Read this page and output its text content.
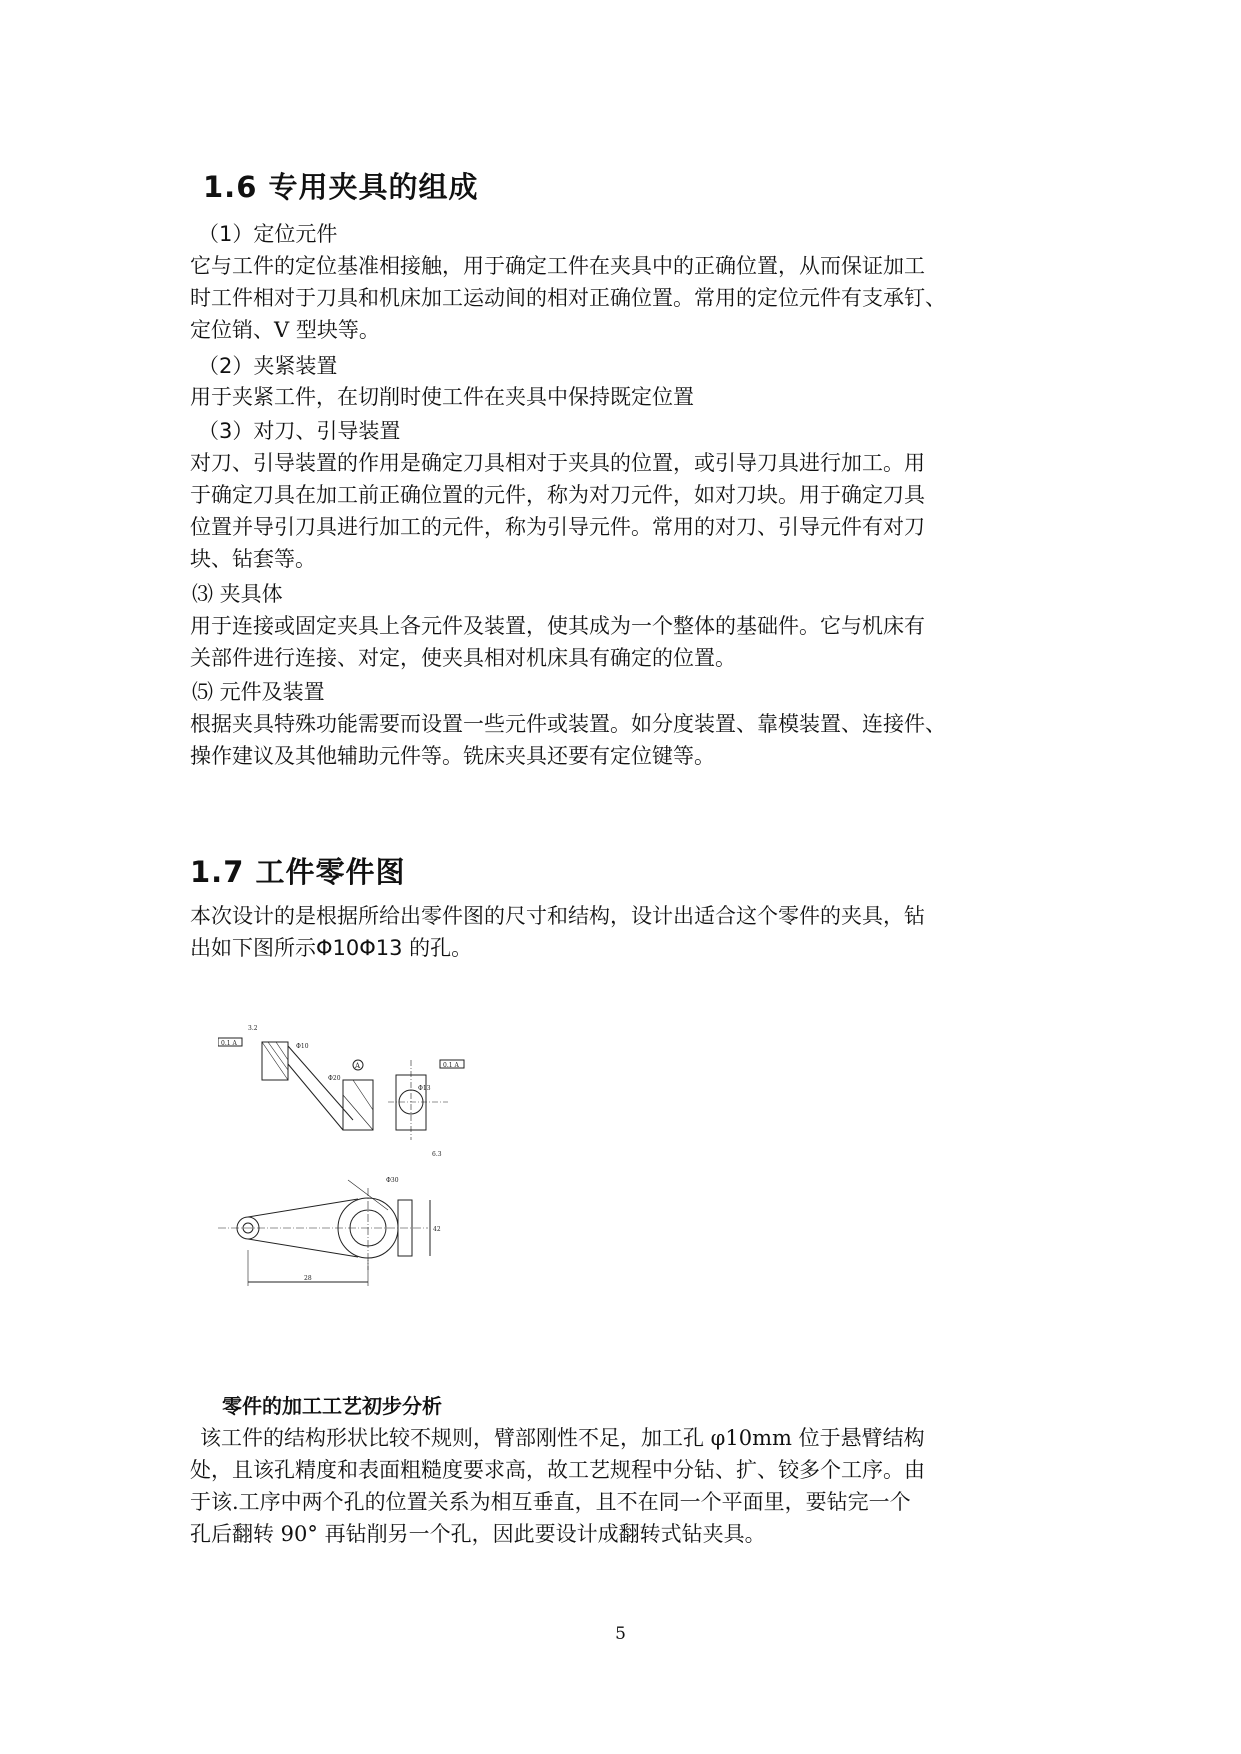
1.6 专用夹具的组成

（1）定位元件

它与工件的定位基准相接触，用于确定工件在夹具中的正确位置，从而保证加工
时工件相对于刀具和机床加工运动间的相对正确位置。常用的定位元件有支承钉、
定位销、V 型块等。

（2）夹紧装置

用于夹紧工件，在切削时使工件在夹具中保持既定位置

（3）对刀、引导装置

对刀、引导装置的作用是确定刀具相对于夹具的位置，或引导刀具进行加工。用
于确定刀具在加工前正确位置的元件，称为对刀元件，如对刀块。用于确定刀具
位置并导引刀具进行加工的元件，称为引导元件。常用的对刀、引导元件有对刀
块、钻套等。

⑶ 夹具体

用于连接或固定夹具上各元件及装置，使其成为一个整体的基础件。它与机床有
关部件进行连接、对定，使夹具相对机床具有确定的位置。

⑸ 元件及装置

根据夹具特殊功能需要而设置一些元件或装置。如分度装置、靠模装置、连接件、
操作建议及其他辅助元件等。铣床夹具还要有定位键等。
1.7 工件零件图
本次设计的是根据所给出零件图的尺寸和结构，设计出适合这个零件的夹具，钻
出如下图所示Φ10Φ13 的孔。
0.1 A
0.1 A
3.2
6.3
A
Φ20
Φ10
Φ13
28
42
Φ30

零件的加工工艺初步分析

该工件的结构形状比较不规则，臂部刚性不足，加工孔 φ10mm 位于悬臂结构
处，且该孔精度和表面粗糙度要求高，故工艺规程中分钻、扩、铰多个工序。由
于该.工序中两个孔的位置关系为相互垂直，且不在同一个平面里，要钻完一个
孔后翻转 90° 再钻削另一个孔，因此要设计成翻转式钻夹具。
5
